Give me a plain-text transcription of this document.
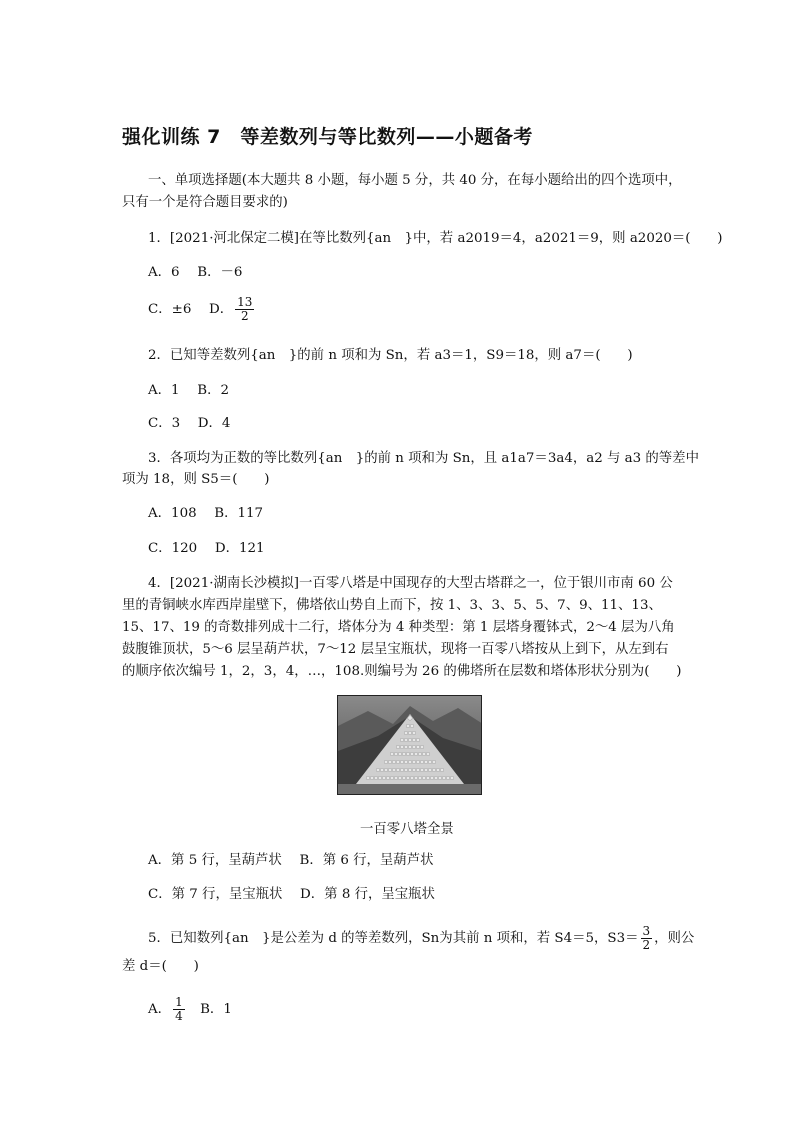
强化训练 7　等差数列与等比数列——小题备考
一、单项选择题(本大题共 8 小题，每小题 5 分，共 40 分，在每小题给出的四个选项中，
只有一个是符合题目要求的)
1．[2021·河北保定二模]在等比数列{an　}中，若 a2019＝4，a2021＝9，则 a2020＝(　　)
A．6　 B．－6
C．±6　 D． $\frac{13}{2}$
2．已知等差数列{an　}的前 n 项和为 Sn，若 a3＝1，S9＝18，则 a7＝(　　)
A．1　 B．2
C．3　 D．4
3．各项均为正数的等比数列{an　}的前 n 项和为 Sn，且 a1a7＝3a4，a2 与 a3 的等差中
项为 18，则 S5＝(　　)
A．108　 B．117
C．120　 D．121
4．[2021·湖南长沙模拟]一百零八塔是中国现存的大型古塔群之一，位于银川市南 60 公
里的青铜峡水库西岸崖壁下，佛塔依山势自上而下，按 1、3、3、5、5、7、9、11、13、
15、17、19 的奇数排列成十二行，塔体分为 4 种类型：第 1 层塔身覆钵式，2～4 层为八角
鼓腹锥顶状，5～6 层呈葫芦状，7～12 层呈宝瓶状，现将一百零八塔按从上到下，从左到右
的顺序依次编号 1，2，3，4，…，108.则编号为 26 的佛塔所在层数和塔体形状分别为(　　)
一百零八塔全景
A．第 5 行，呈葫芦状　 B．第 6 行，呈葫芦状
C．第 7 行，呈宝瓶状　 D．第 8 行，呈宝瓶状
5．已知数列{an　}是公差为 d 的等差数列，Sn为其前 n 项和，若 S4＝5，$S3= \frac{3}{2}$ ，则公
差 d＝(　　)
A． $\frac{1}{4}$ 　B．1
